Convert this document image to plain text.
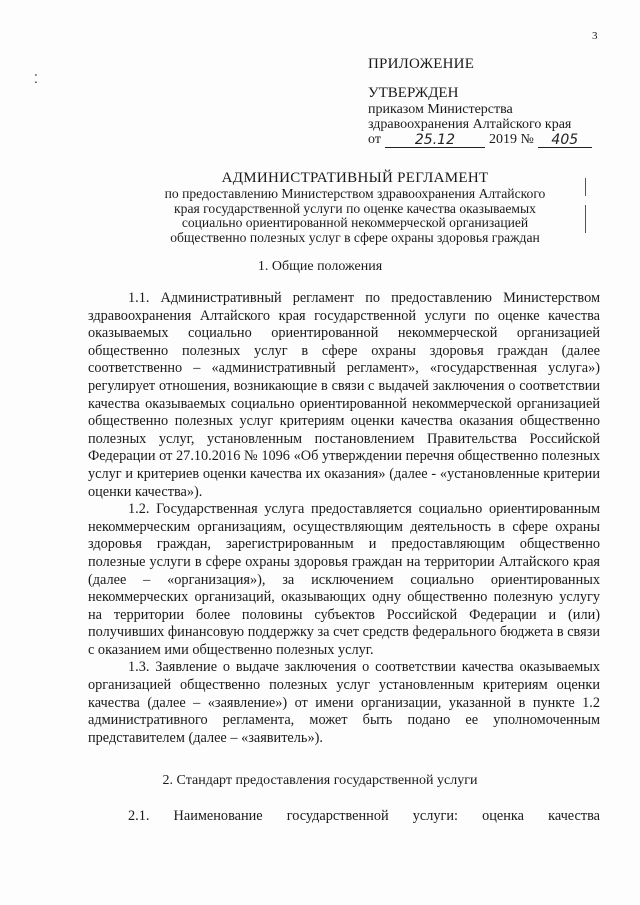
3
⁚
ПРИЛОЖЕНИЕ
УТВЕРЖДЕН
приказом Министерства
здравоохранения Алтайского края
от	25.12	2019 №	405
АДМИНИСТРАТИВНЫЙ РЕГЛАМЕНТ
по предоставлению Министерством здравоохранения Алтайского
края государственной услуги по оценке качества оказываемых
социально ориентированной некоммерческой организацией
общественно полезных услуг в сфере охраны здоровья граждан
1. Общие положения

1.1. Административный регламент по предоставлению Министерством здравоохранения Алтайского края государственной услуги по оценке качества оказываемых социально ориентированной некоммерческой организацией общественно полезных услуг в сфере охраны здоровья граждан (далее соответственно – «административный регламент», «государственная услуга») регулирует отношения, возникающие в связи с выдачей заключения о соответствии качества оказываемых социально ориентированной некоммерческой организацией общественно полезных услуг критериям оценки качества оказания общественно полезных услуг, установленным постановлением Правительства Российской Федерации от 27.10.2016 № 1096 «Об утверждении перечня общественно полезных услуг и критериев оценки качества их оказания» (далее - «установленные критерии оценки качества»).

1.2. Государственная услуга предоставляется социально ориентированным некоммерческим организациям, осуществляющим деятельность в сфере охраны здоровья граждан, зарегистрированным и предоставляющим общественно полезные услуги в сфере охраны здоровья граждан на территории Алтайского края (далее – «организация»), за исключением социально ориентированных некоммерческих организаций, оказывающих одну общественно полезную услугу на территории более половины субъектов Российской Федерации и (или) получивших финансовую поддержку за счет средств федерального бюджета в связи с оказанием ими общественно полезных услуг.

1.3. Заявление о выдаче заключения о соответствии качества оказываемых организацией общественно полезных услуг установленным критериям оценки качества (далее – «заявление») от имени организации, указанной в пункте 1.2 административного регламента, может быть подано ее уполномоченным представителем (далее – «заявитель»).

2. Стандарт предоставления государственной услуги

2.1. Наименование государственной услуги: оценка качества
